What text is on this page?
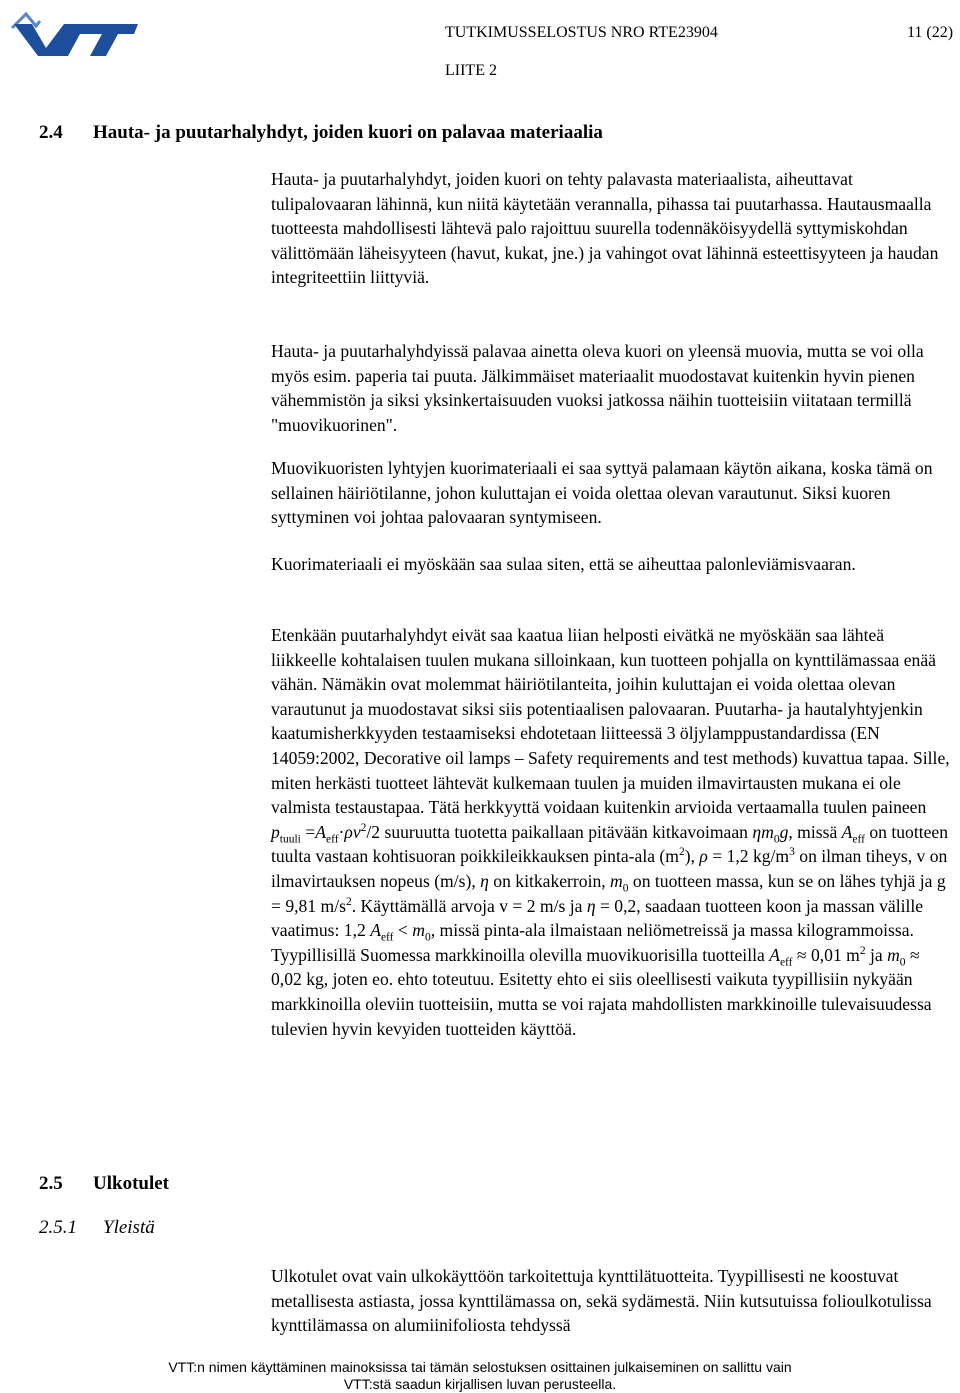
TUTKIMUSSELOSTUS NRO RTE23904	11 (22)
LIITE 2
2.4 Hauta- ja puutarhalyhdyt, joiden kuori on palavaa materiaalia

Hauta- ja puutarhalyhdyt, joiden kuori on tehty palavasta materiaalista, aiheuttavat tulipalovaaran lähinnä, kun niitä käytetään verannalla, pihassa tai puutarhassa. Hautausmaalla tuotteesta mahdollisesti lähtevä palo rajoittuu suurella todennäköisyydellä syttymiskohdan välittömään läheisyyteen (havut, kukat, jne.) ja vahingot ovat lähinnä esteettisyyteen ja haudan integriteettiin liittyviä.

Hauta- ja puutarhalyhdyissä palavaa ainetta oleva kuori on yleensä muovia, mutta se voi olla myös esim. paperia tai puuta. Jälkimmäiset materiaalit muodostavat kuitenkin hyvin pienen vähemmistön ja siksi yksinkertaisuuden vuoksi jatkossa näihin tuotteisiin viitataan termillä "muovikuorinen".

Muovikuoristen lyhtyjen kuorimateriaali ei saa syttyä palamaan käytön aikana, koska tämä on sellainen häiriötilanne, johon kuluttajan ei voida olettaa olevan varautunut. Siksi kuoren syttyminen voi johtaa palovaaran syntymiseen.

Kuorimateriaali ei myöskään saa sulaa siten, että se aiheuttaa palonleviämisvaaran.

Etenkään puutarhalyhdyt eivät saa kaatua liian helposti eivätkä ne myöskään saa lähteä liikkeelle kohtalaisen tuulen mukana silloinkaan, kun tuotteen pohjalla on kynttilämassaa enää vähän. Nämäkin ovat molemmat häiriötilanteita, joihin kuluttajan ei voida olettaa olevan varautunut ja muodostavat siksi siis potentiaalisen palovaaran. Puutarha- ja hautalyhtyjenkin kaatumisherkkyyden testaamiseksi ehdotetaan liitteessä 3 öljylamppustandardissa (EN 14059:2002, Decorative oil lamps – Safety requirements and test methods) kuvattua tapaa. Sille, miten herkästi tuotteet lähtevät kulkemaan tuulen ja muiden ilmavirtausten mukana ei ole valmista testaustapaa. Tätä herkkyyttä voidaan kuitenkin arvioida vertaamalla tuulen paineen $p_{tuuli} =A_{eff}\cdot\rho v^2/2$ suuruutta tuotetta paikallaan pitävään kitkavoimaan $\eta m_0g$, missä $A_{eff}$ on tuotteen tuulta vastaan kohtisuoran poikkileikkauksen pinta-ala $(m^2)$, ρ = 1,2 $kg/m^3$ on ilman tiheys, v on ilmavirtauksen nopeus (m/s), η on kitkakerroin, $m_0$ on tuotteen massa, kun se on lähes tyhjä ja g = 9,81 $m/s^2$. Käyttämällä arvoja v = 2 m/s ja η = 0,2, saadaan tuotteen koon ja massan välille vaatimus: 1,2 $A_{eff} < m_0$, missä pinta-ala ilmaistaan neliömetreissä ja massa kilogrammoissa. Tyypillisillä Suomessa markkinoilla olevilla muovikuorisilla tuotteilla $A_{eff} \approx 0,01$ $m^2$ ja $m_0 \approx 0,02$ kg, joten eo. ehto toteutuu. Esitetty ehto ei siis oleellisesti vaikuta tyypillisiin nykyään markkinoilla oleviin tuotteisiin, mutta se voi rajata mahdollisten markkinoille tulevaisuudessa tulevien hyvin kevyiden tuotteiden käyttöä.

2.5 Ulkotulet
2.5.1 Yleistä

Ulkotulet ovat vain ulkokäyttöön tarkoitettuja kynttilätuotteita. Tyypillisesti ne koostuvat metallisesta astiasta, jossa kynttilämassa on, sekä sydämestä. Niin kutsutuissa folioulkotulissa kynttilämassa on alumiinifoliosta tehdyssä

VTT:n nimen käyttäminen mainoksissa tai tämän selostuksen osittainen julkaiseminen on sallittu vain
VTT:stä saadun kirjallisen luvan perusteella.
